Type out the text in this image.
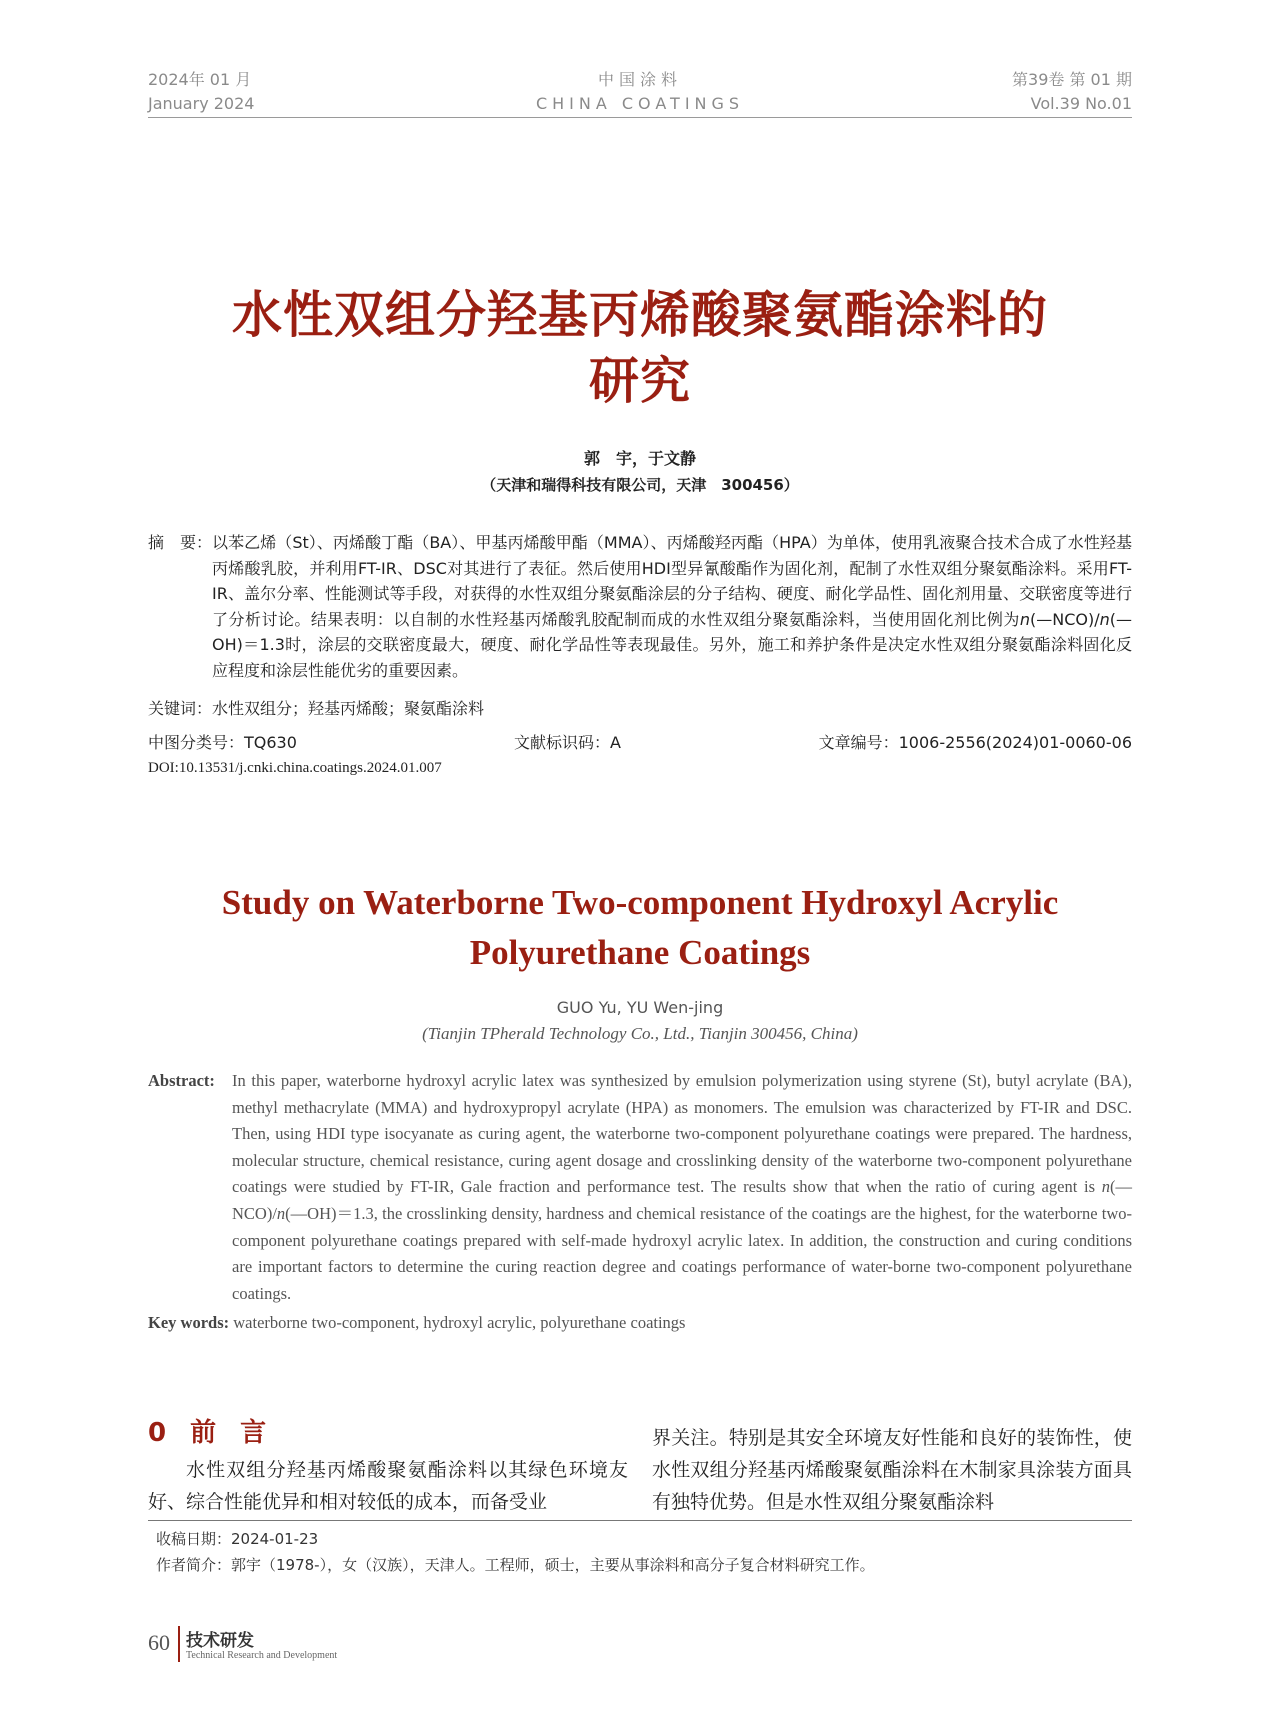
2024年 01 月
January 2024
中国涂料
CHINA COATINGS
第39卷 第 01 期
Vol.39 No.01
水性双组分羟基丙烯酸聚氨酯涂料的
研究
郭　宇，于文静
（天津和瑞得科技有限公司，天津　300456）
摘　要： 以苯乙烯（St）、丙烯酸丁酯（BA）、甲基丙烯酸甲酯（MMA）、丙烯酸羟丙酯（HPA）为单体，使用乳液聚合技术合成了水性羟基丙烯酸乳胶，并利用FT-IR、DSC对其进行了表征。然后使用HDI型异氰酸酯作为固化剂，配制了水性双组分聚氨酯涂料。采用FT-IR、盖尔分率、性能测试等手段，对获得的水性双组分聚氨酯涂层的分子结构、硬度、耐化学品性、固化剂用量、交联密度等进行了分析讨论。结果表明：以自制的水性羟基丙烯酸乳胶配制而成的水性双组分聚氨酯涂料，当使用固化剂比例为n(—NCO)/n(—OH)＝1.3时，涂层的交联密度最大，硬度、耐化学品性等表现最佳。另外，施工和养护条件是决定水性双组分聚氨酯涂料固化反应程度和涂层性能优劣的重要因素。
关键词：水性双组分；羟基丙烯酸；聚氨酯涂料
中图分类号：TQ630	文献标识码：A	文章编号：1006-2556(2024)01-0060-06
DOI:10.13531/j.cnki.china.coatings.2024.01.007
Study on Waterborne Two-component Hydroxyl Acrylic
Polyurethane Coatings
GUO Yu, YU Wen-jing
(Tianjin TPherald Technology Co., Ltd., Tianjin 300456, China)
Abstract: In this paper, waterborne hydroxyl acrylic latex was synthesized by emulsion polymerization using styrene (St), butyl acrylate (BA), methyl methacrylate (MMA) and hydroxypropyl acrylate (HPA) as monomers. The emulsion was characterized by FT-IR and DSC. Then, using HDI type isocyanate as curing agent, the waterborne two-component polyurethane coatings were prepared. The hardness, molecular structure, chemical resistance, curing agent dosage and crosslinking density of the waterborne two-component polyurethane coatings were studied by FT-IR, Gale fraction and performance test. The results show that when the ratio of curing agent is n(—NCO)/n(—OH)＝1.3, the crosslinking density, hardness and chemical resistance of the coatings are the highest, for the waterborne two-component polyurethane coatings prepared with self-made hydroxyl acrylic latex. In addition, the construction and curing conditions are important factors to determine the curing reaction degree and coatings performance of water-borne two-component polyurethane coatings.
Key words: waterborne two-component, hydroxyl acrylic, polyurethane coatings
0 前言
水性双组分羟基丙烯酸聚氨酯涂料以其绿色环境友好、综合性能优异和相对较低的成本，而备受业
界关注。特别是其安全环境友好性能和良好的装饰性，使水性双组分羟基丙烯酸聚氨酯涂料在木制家具涂装方面具有独特优势。但是水性双组分聚氨酯涂料
收稿日期：2024-01-23
作者简介：郭宇（1978-），女（汉族），天津人。工程师，硕士，主要从事涂料和高分子复合材料研究工作。
60 技术研发
Technical Research and Development
